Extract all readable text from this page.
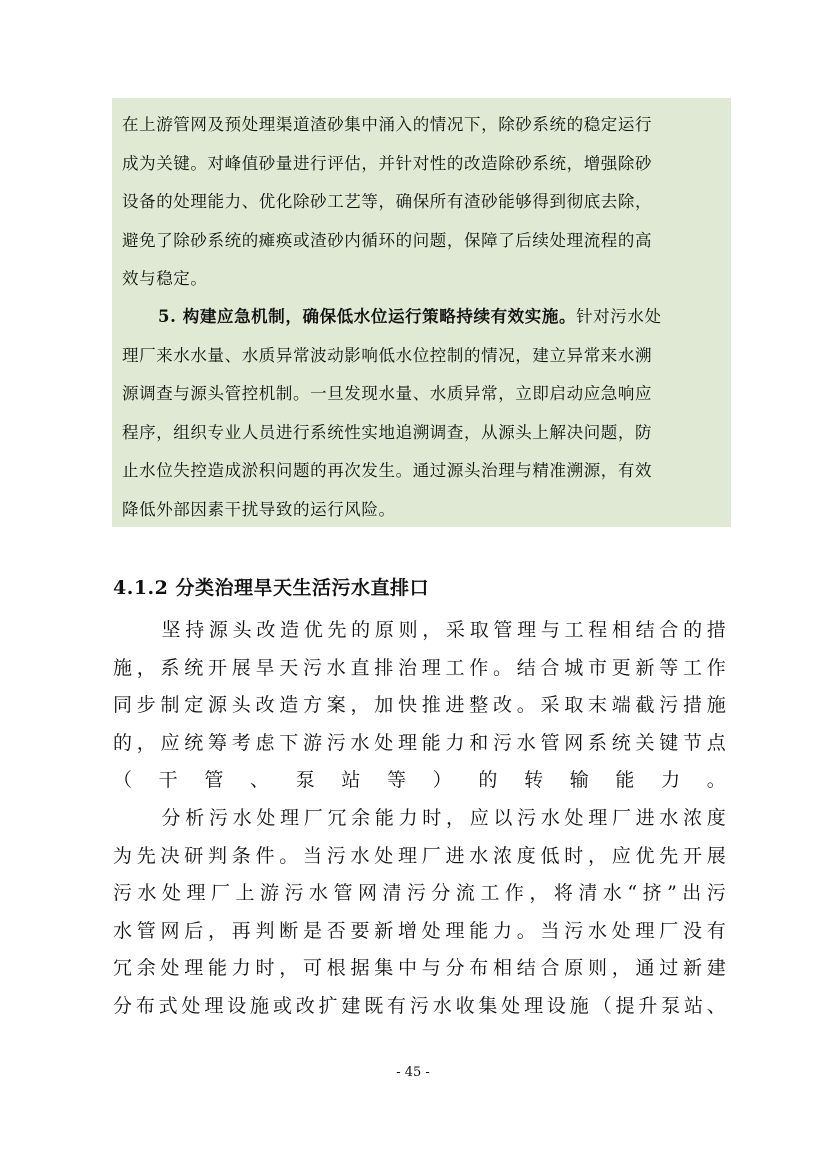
在上游管网及预处理渠道渣砂集中涌入的情况下，除砂系统的稳定运行
成为关键。对峰值砂量进行评估，并针对性的改造除砂系统，增强除砂
设备的处理能力、优化除砂工艺等，确保所有渣砂能够得到彻底去除，
避免了除砂系统的瘫痪或渣砂内循环的问题，保障了后续处理流程的高
效与稳定。
5. 构建应急机制，确保低水位运行策略持续有效实施。针对污水处
理厂来水水量、水质异常波动影响低水位控制的情况，建立异常来水溯
源调查与源头管控机制。一旦发现水量、水质异常，立即启动应急响应
程序，组织专业人员进行系统性实地追溯调查，从源头上解决问题，防
止水位失控造成淤积问题的再次发生。通过源头治理与精准溯源，有效
降低外部因素干扰导致的运行风险。
4.1.2 分类治理旱天生活污水直排口
坚持源头改造优先的原则，采取管理与工程相结合的措
施，系统开展旱天污水直排治理工作。结合城市更新等工作
同步制定源头改造方案，加快推进整改。采取末端截污措施
的，应统筹考虑下游污水处理能力和污水管网系统关键节点
（干管、泵站等）的转输能力。
分析污水处理厂冗余能力时，应以污水处理厂进水浓度
为先决研判条件。当污水处理厂进水浓度低时，应优先开展
污水处理厂上游污水管网清污分流工作，将清水“挤”出污
水管网后，再判断是否要新增处理能力。当污水处理厂没有
冗余处理能力时，可根据集中与分布相结合原则，通过新建
分布式处理设施或改扩建既有污水收集处理设施（提升泵站、
- 45 -
